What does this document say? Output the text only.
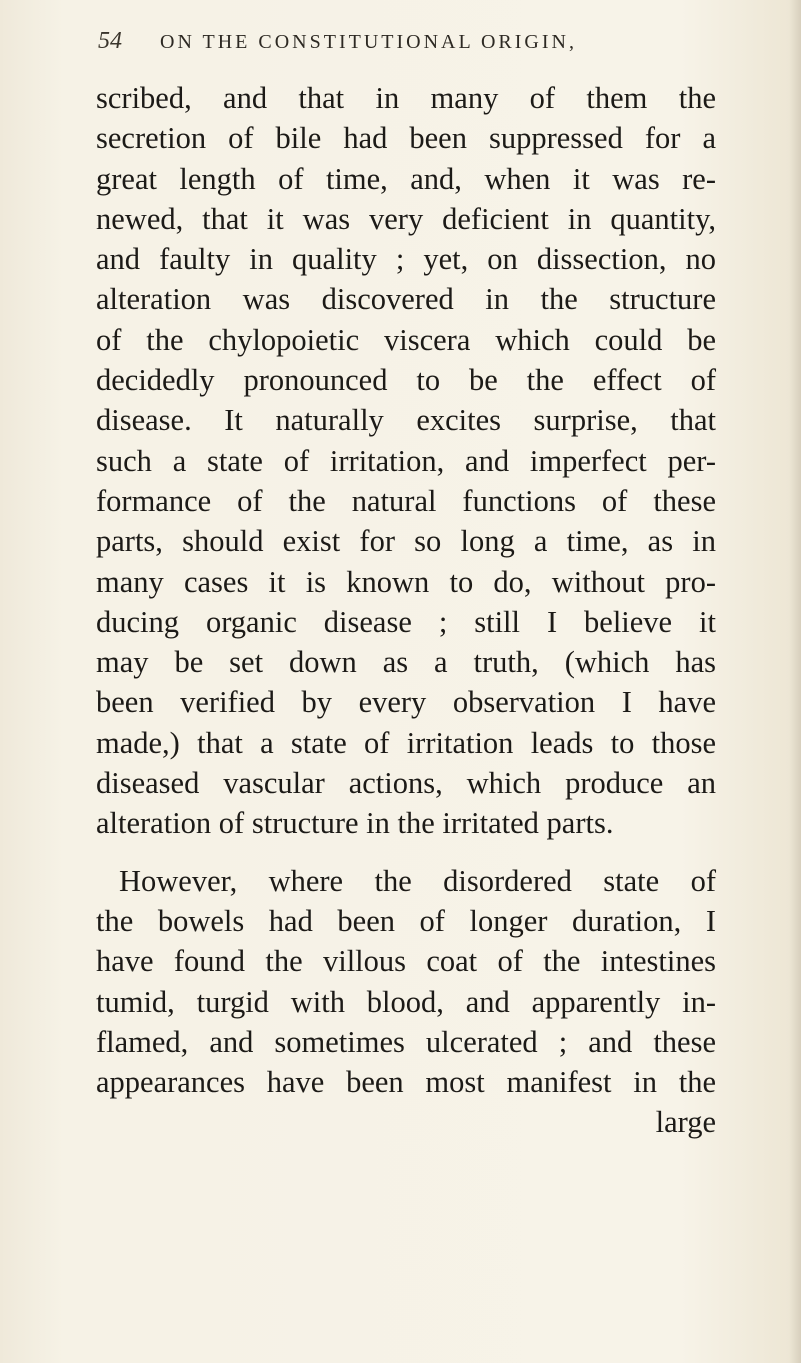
54	ON THE CONSTITUTIONAL ORIGIN,
scribed, and that in many of them the
secretion of bile had been suppressed for a
great length of time, and, when it was re-
newed, that it was very deficient in quantity,
and faulty in quality ; yet, on dissection, no
alteration was discovered in the structure
of the chylopoietic viscera which could be
decidedly pronounced to be the effect of
disease. It naturally excites surprise, that
such a state of irritation, and imperfect per-
formance of the natural functions of these
parts, should exist for so long a time, as in
many cases it is known to do, without pro-
ducing organic disease ; still I believe it
may be set down as a truth, (which has
been verified by every observation I have
made,) that a state of irritation leads to those
diseased vascular actions, which produce an
alteration of structure in the irritated parts.
However, where the disordered state of
the bowels had been of longer duration, I
have found the villous coat of the intestines
tumid, turgid with blood, and apparently in-
flamed, and sometimes ulcerated ; and these
appearances have been most manifest in the
large
